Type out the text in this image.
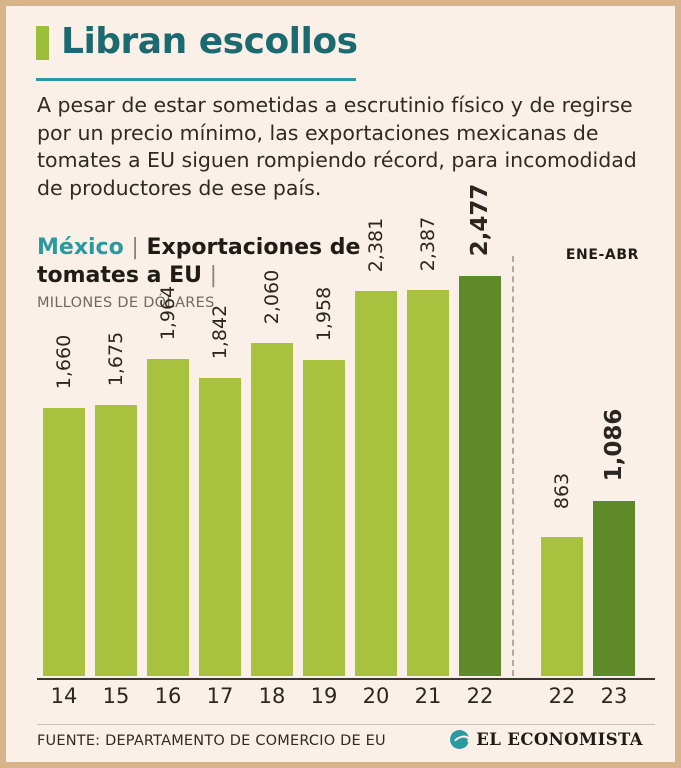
Libran escollos
A pesar de estar sometidas a escrutinio físico y de regirse por un precio mínimo, las exportaciones mexicanas de tomates a EU siguen rompiendo récord, para incomodidad de productores de ese país.
México | Exportaciones de tomates a EU |
MILLONES DE DÓLARES
ENE-ABR
1,660 1,675
1,964 1,842
2,060 1,958
2,381 2,387 2,477
863
1,086
14	15	16	17	18	19	20	21	22	22	23
FUENTE: DEPARTAMENTO DE COMERCIO DE EU	EL ECONOMISTA
